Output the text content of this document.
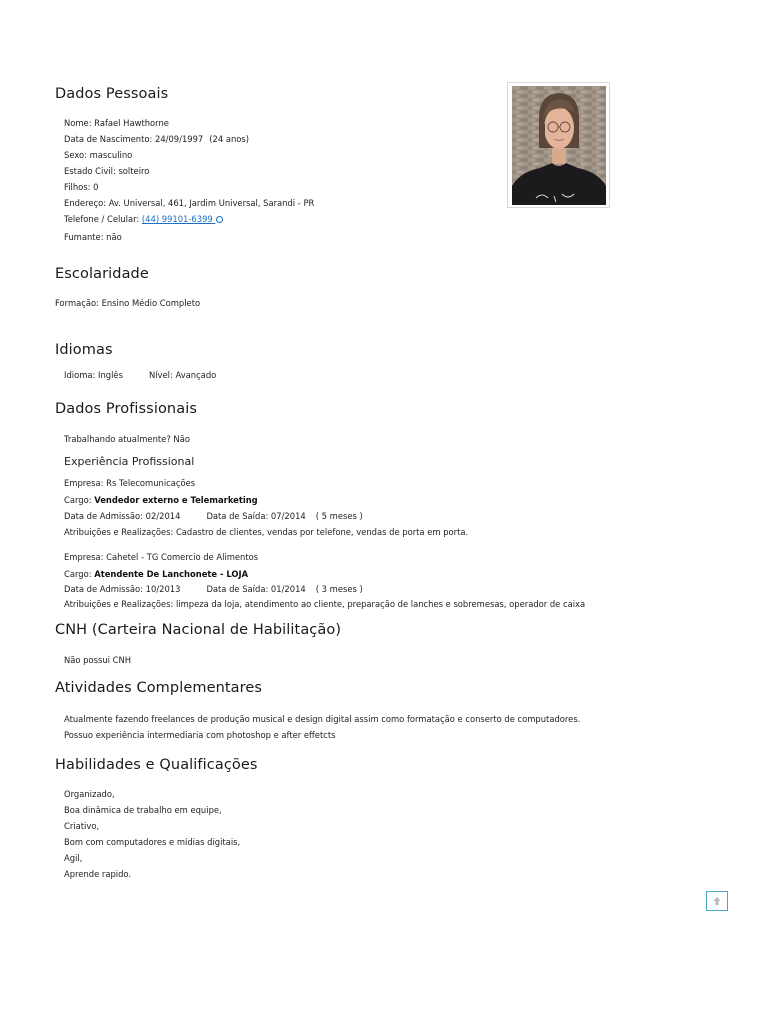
Dados Pessoais
Nome: Rafael Hawthorne
Data de Nascimento: 24/09/1997 (24 anos)
Sexo: masculino
Estado Civil: solteiro
Filhos: 0
Endereço: Av. Universal, 461, Jardim Universal, Sarandi - PR
Telefone / Celular: (44) 99101-6399
Fumante: não
Escolaridade
Formação: Ensino Médio Completo
Idiomas
Idioma: Inglês	Nível: Avançado
Dados Profissionais
Trabalhando atualmente? Não
Experiência Profissional
Empresa: Rs Telecomunicações
Cargo: Vendedor externo e Telemarketing
Data de Admissão: 02/2014	Data de Saída: 07/2014 ( 5 meses )
Atribuições e Realizações: Cadastro de clientes, vendas por telefone, vendas de porta em porta.
Empresa: Cahetel - TG Comercio de Alimentos
Cargo: Atendente De Lanchonete - LOJA
Data de Admissão: 10/2013	Data de Saída: 01/2014 ( 3 meses )
Atribuições e Realizações: limpeza da loja, atendimento ao cliente, preparação de lanches e sobremesas, operador de caixa
CNH (Carteira Nacional de Habilitação)
Não possui CNH
Atividades Complementares
Atualmente fazendo freelances de produção musical e design digital assim como formatação e conserto de computadores.
Possuo experiência intermediaria com photoshop e after effetcts
Habilidades e Qualificações
Organizado,
Boa dinâmica de trabalho em equipe,
Criativo,
Bom com computadores e mídias digitais,
Agil,
Aprende rapido.
